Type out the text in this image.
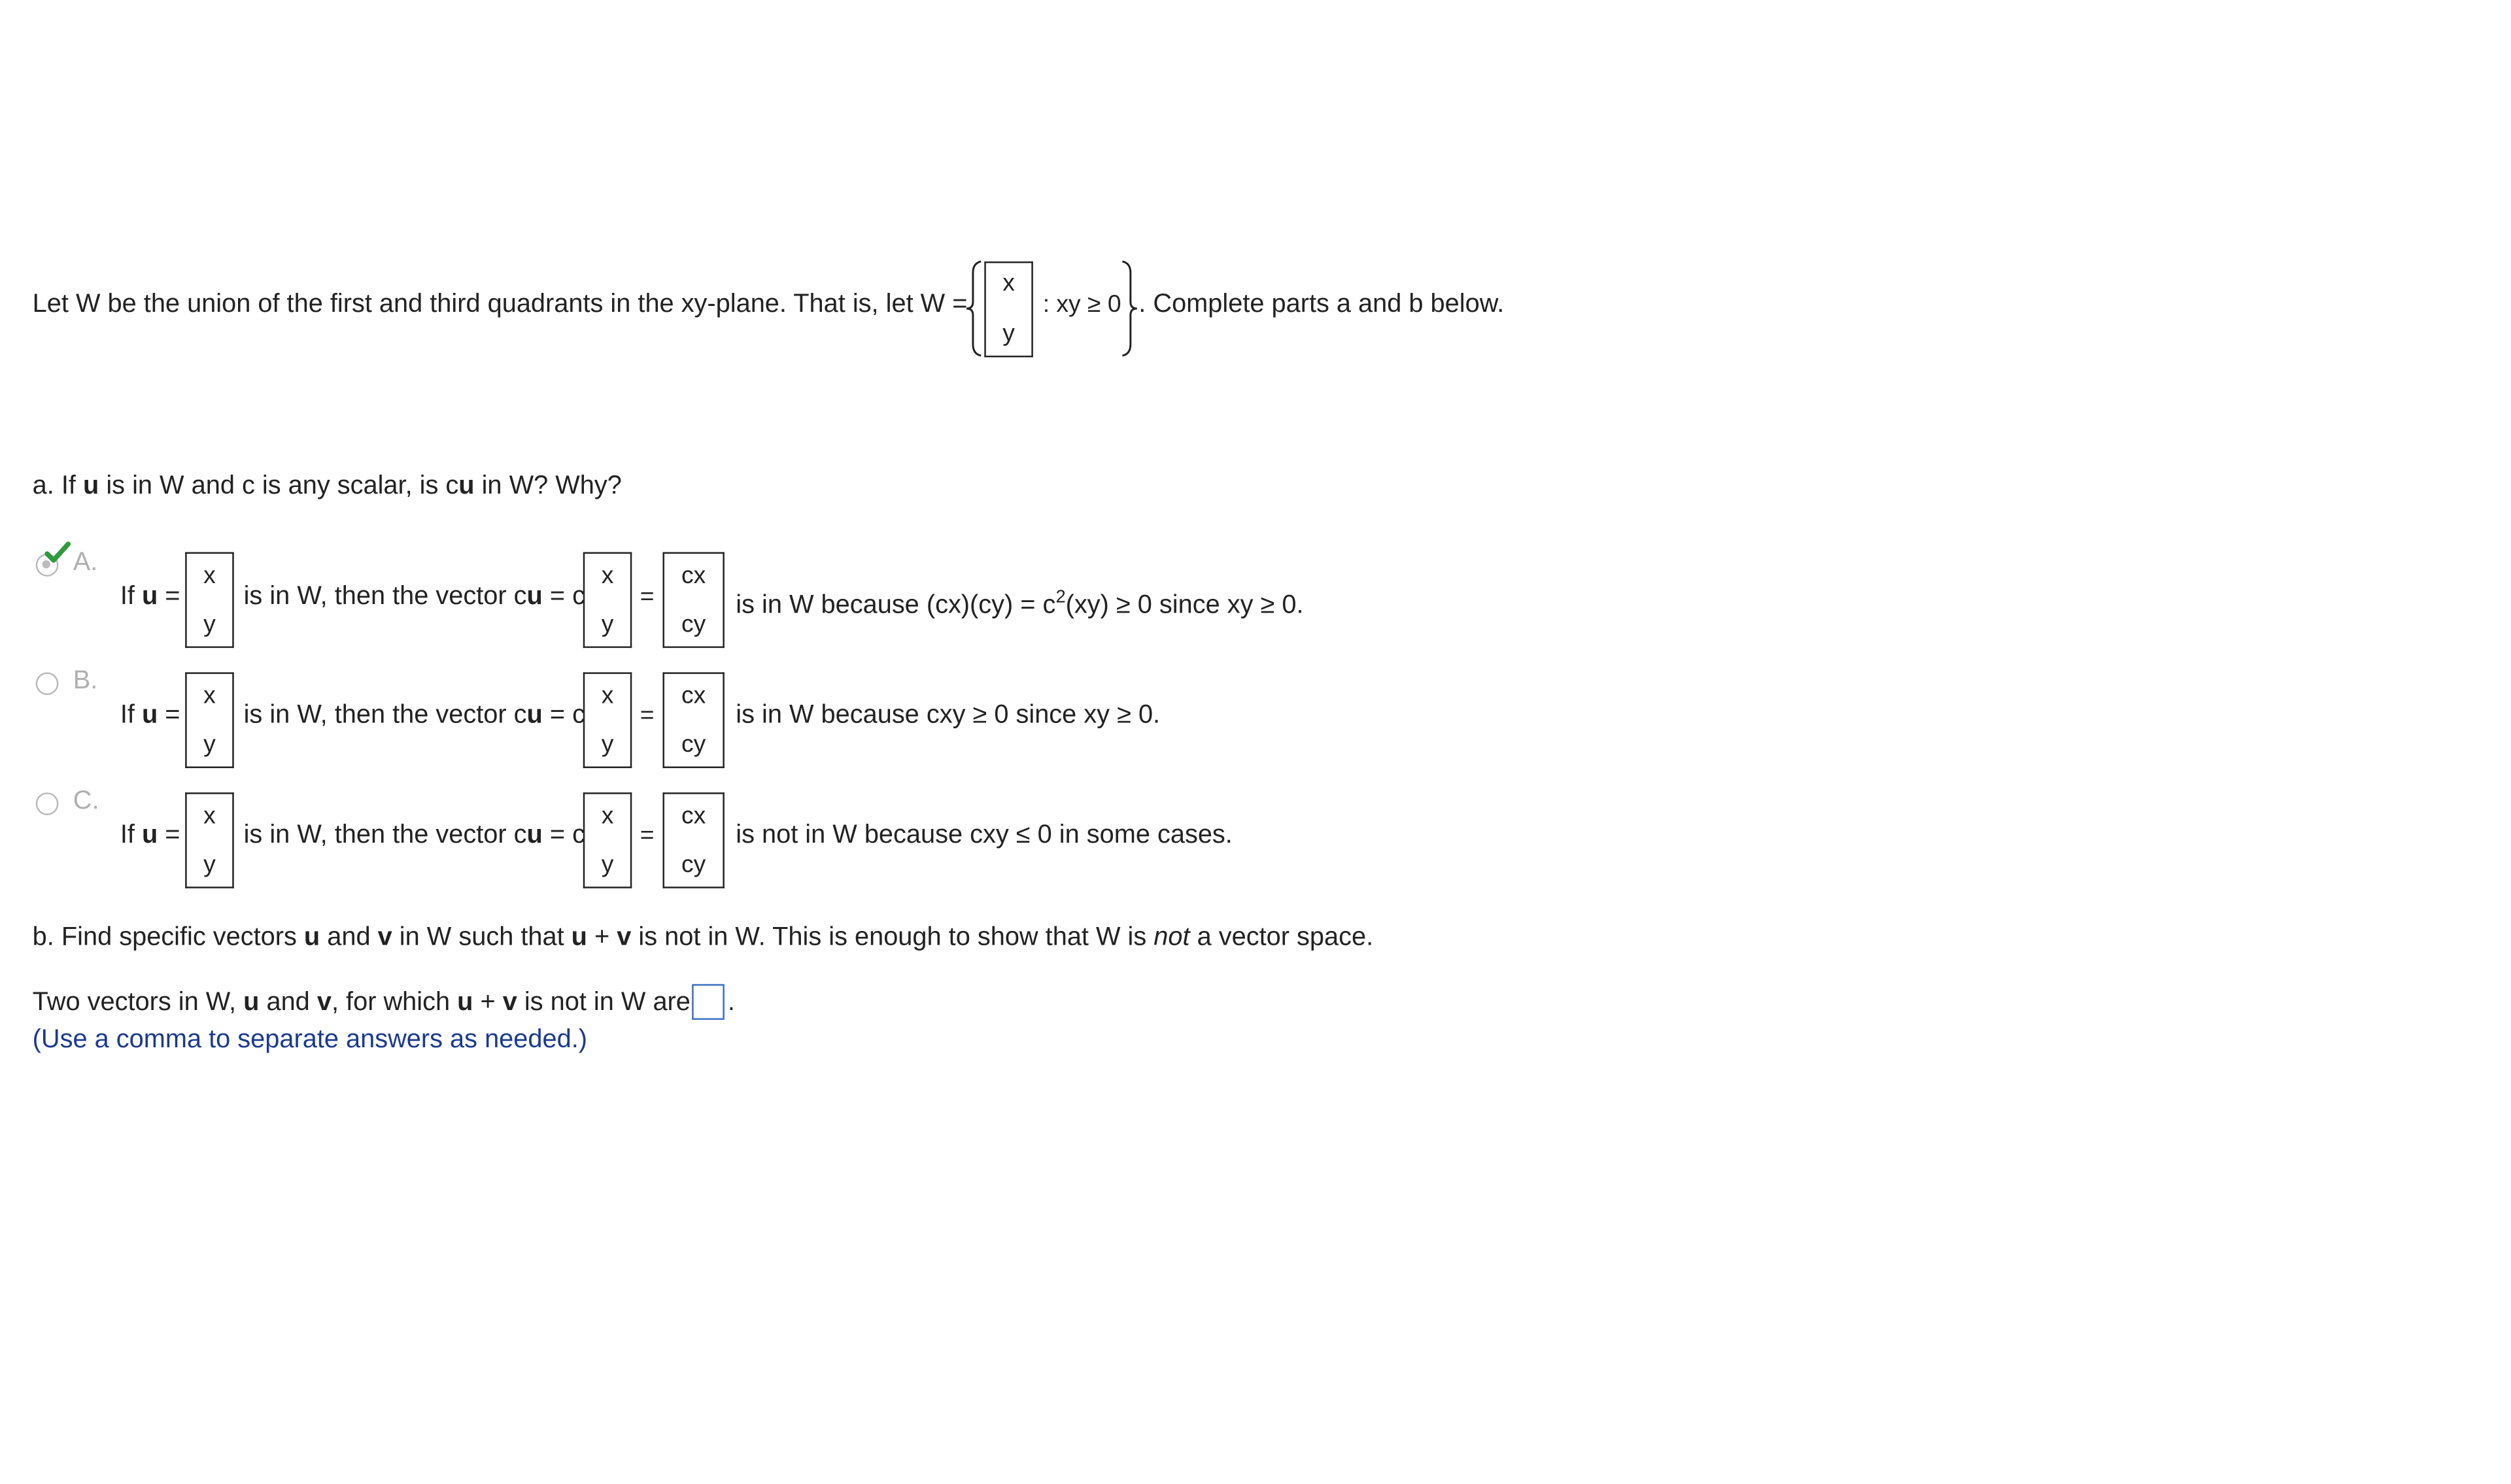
Let W be the union of the first and third quadrants in the xy-plane. That is, let W =
x
y
: xy ≥ 0 . Complete parts a and b below.
a. If u is in W and c is any scalar, is cu in W? Why?
A.
If u =
x
y
is in W, then the vector cu = c
x
y
=
cx
cy
is in W because $(cx)(cy) = c^2(xy) \ge 0$ since xy ≥ 0.
B.
If u =
x
y
is in W, then the vector cu = c
x
y
=
cx
cy
is in W because cxy ≥ 0 since xy ≥ 0.
C.
If u =
x
y
is in W, then the vector cu = c
x
y
=
cx
cy
is not in W because cxy ≤ 0 in some cases.
b. Find specific vectors u and v in W such that u + v is not in W. This is enough to show that W is not a vector space.
Two vectors in W, u and v, for which u + v is not in W are	.
(Use a comma to separate answers as needed.)
